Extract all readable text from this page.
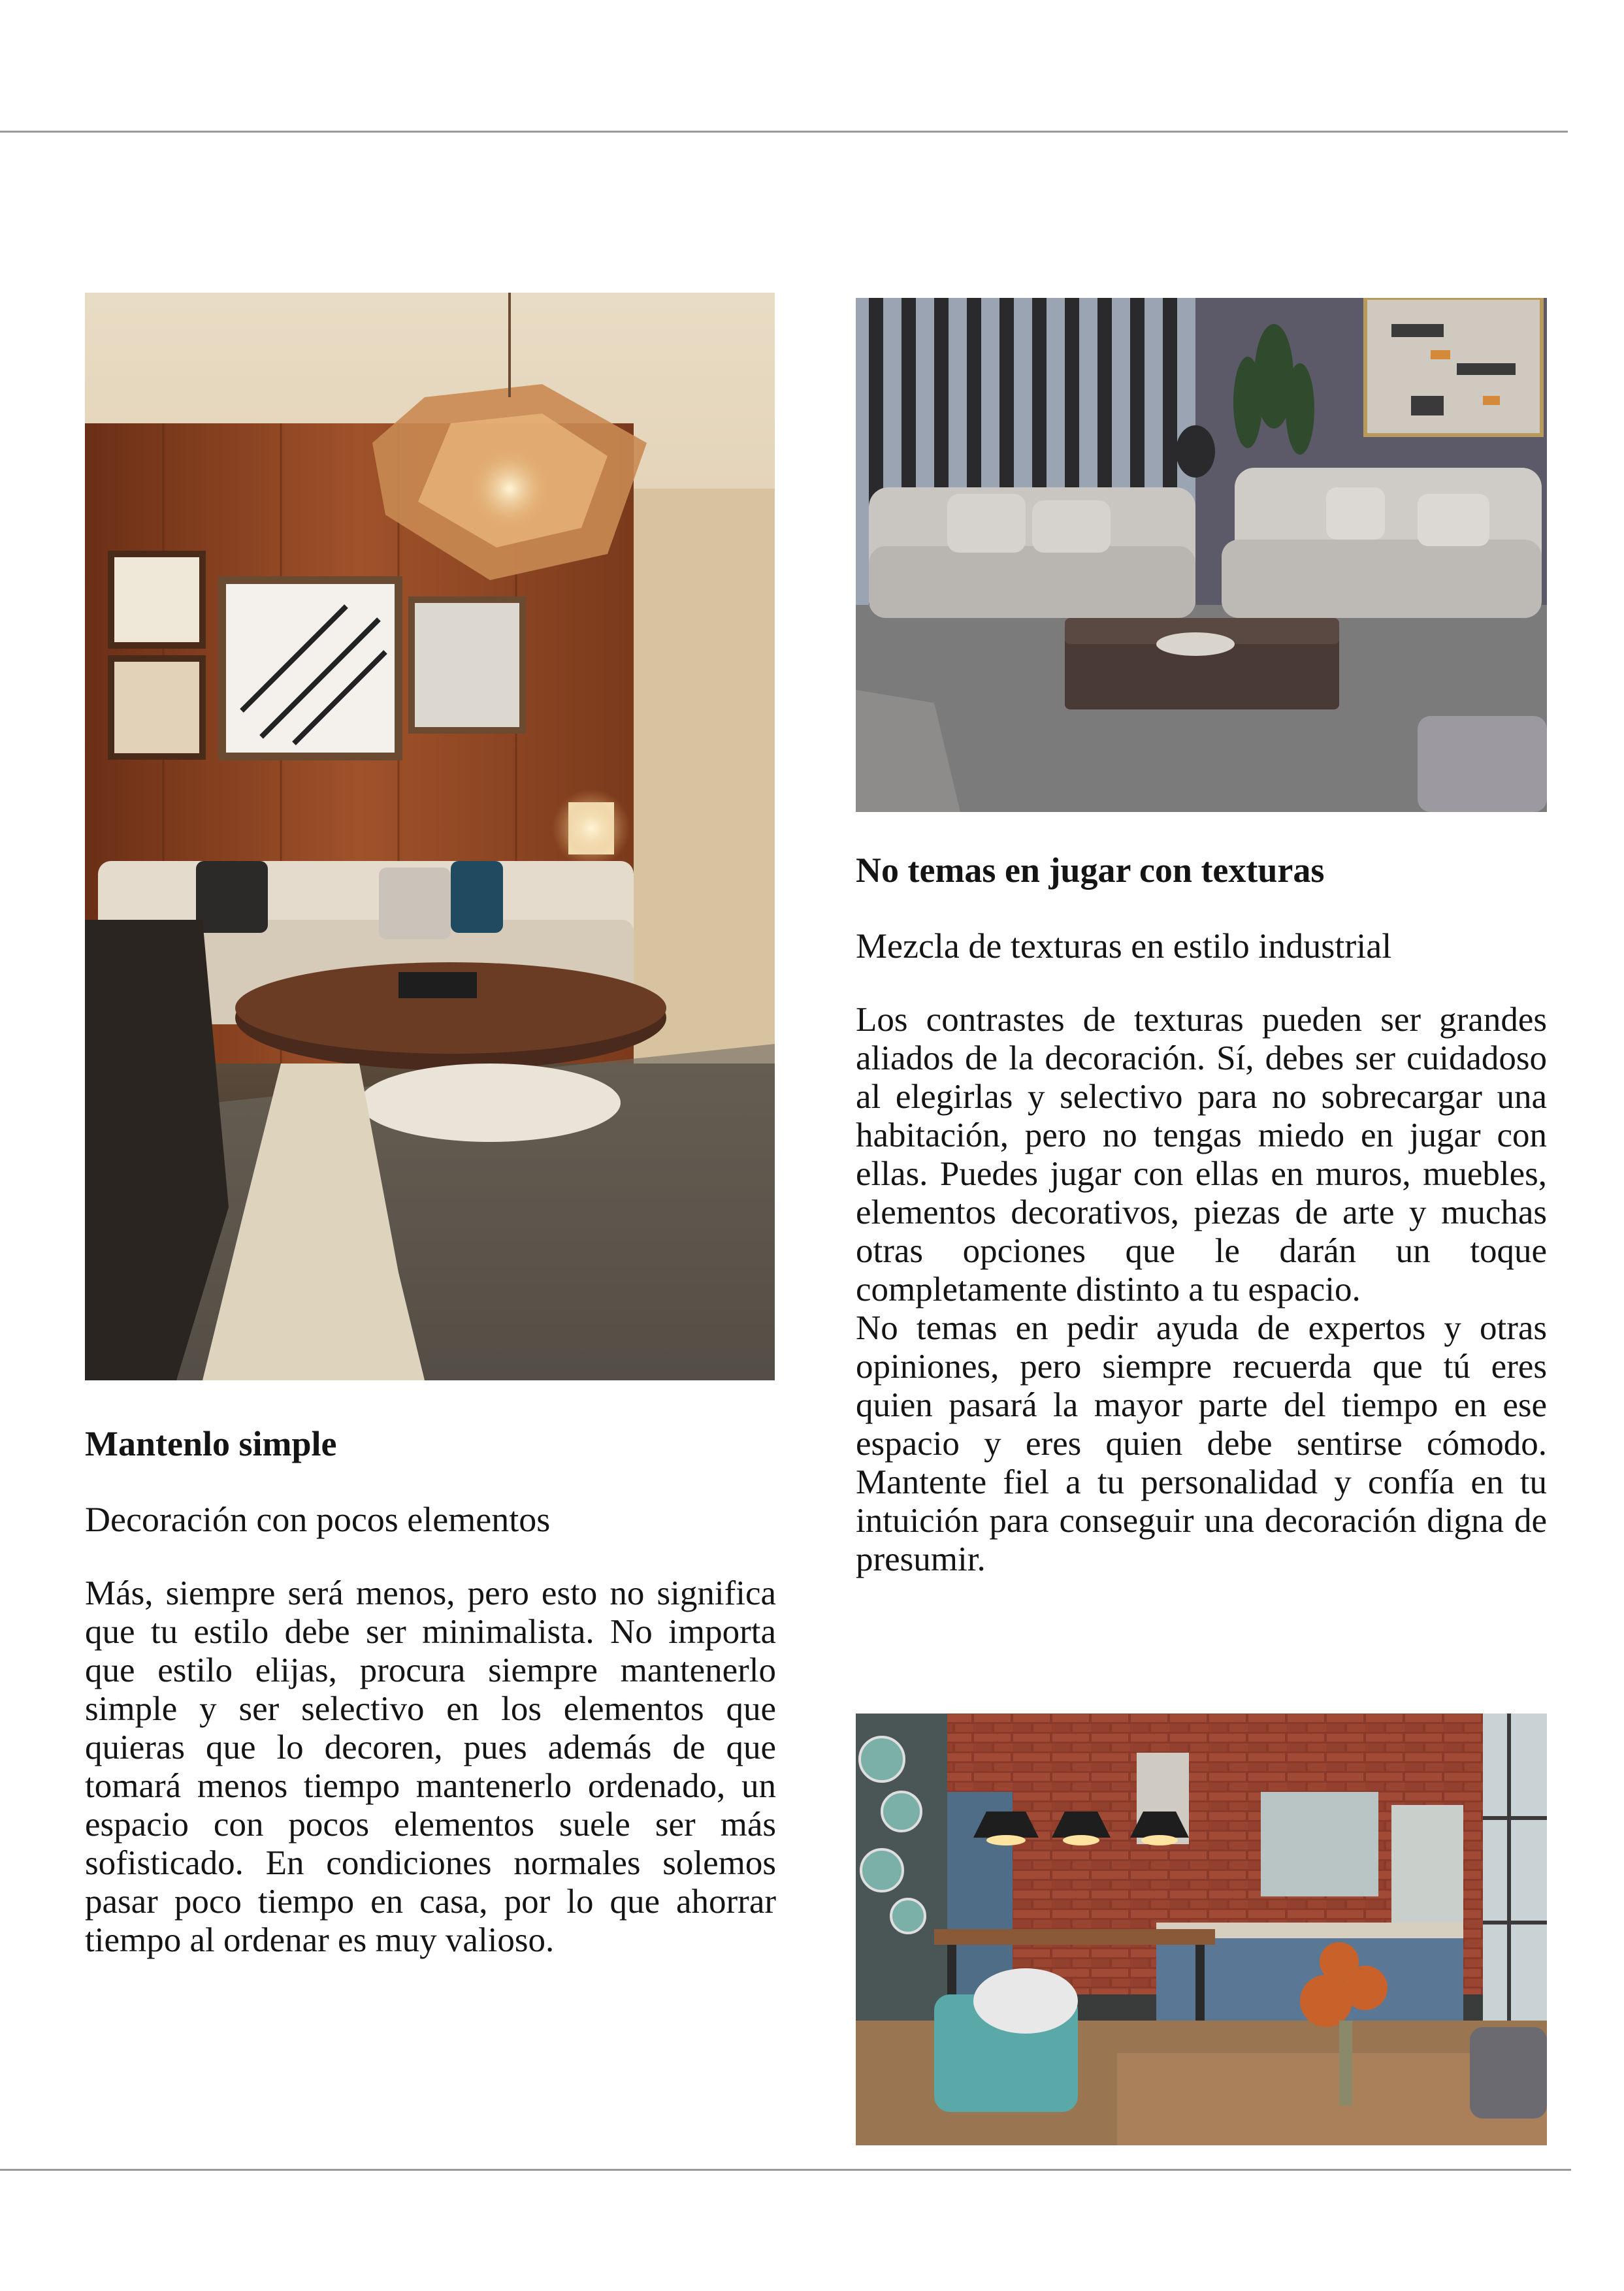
Mantenlo simple

Decoración con pocos elementos

Más, siempre será menos, pero esto no significa que tu estilo debe ser minimalista. No importa que estilo elijas, procura siempre mantenerlo simple y ser selectivo en los elementos que quieras que lo decoren, pues además de que tomará menos tiempo mantenerlo ordenado, un espacio con pocos elementos suele ser más sofisticado. En condiciones normales solemos pasar poco tiempo en casa, por lo que ahorrar tiempo al ordenar es muy valioso.

No temas en jugar con texturas

Mezcla de texturas en estilo industrial

Los contrastes de texturas pueden ser grandes aliados de la decoración. Sí, debes ser cuidadoso al elegirlas y selectivo para no sobrecargar una habitación, pero no tengas miedo en jugar con ellas. Puedes jugar con ellas en muros, muebles, elementos decorativos, piezas de arte y muchas otras opciones que le darán un toque completamente distinto a tu espacio.

No temas en pedir ayuda de expertos y otras opiniones, pero siempre recuerda que tú eres quien pasará la mayor parte del tiempo en ese espacio y eres quien debe sentirse cómodo. Mantente fiel a tu personalidad y confía en tu intuición para conseguir una decoración digna de presumir.
